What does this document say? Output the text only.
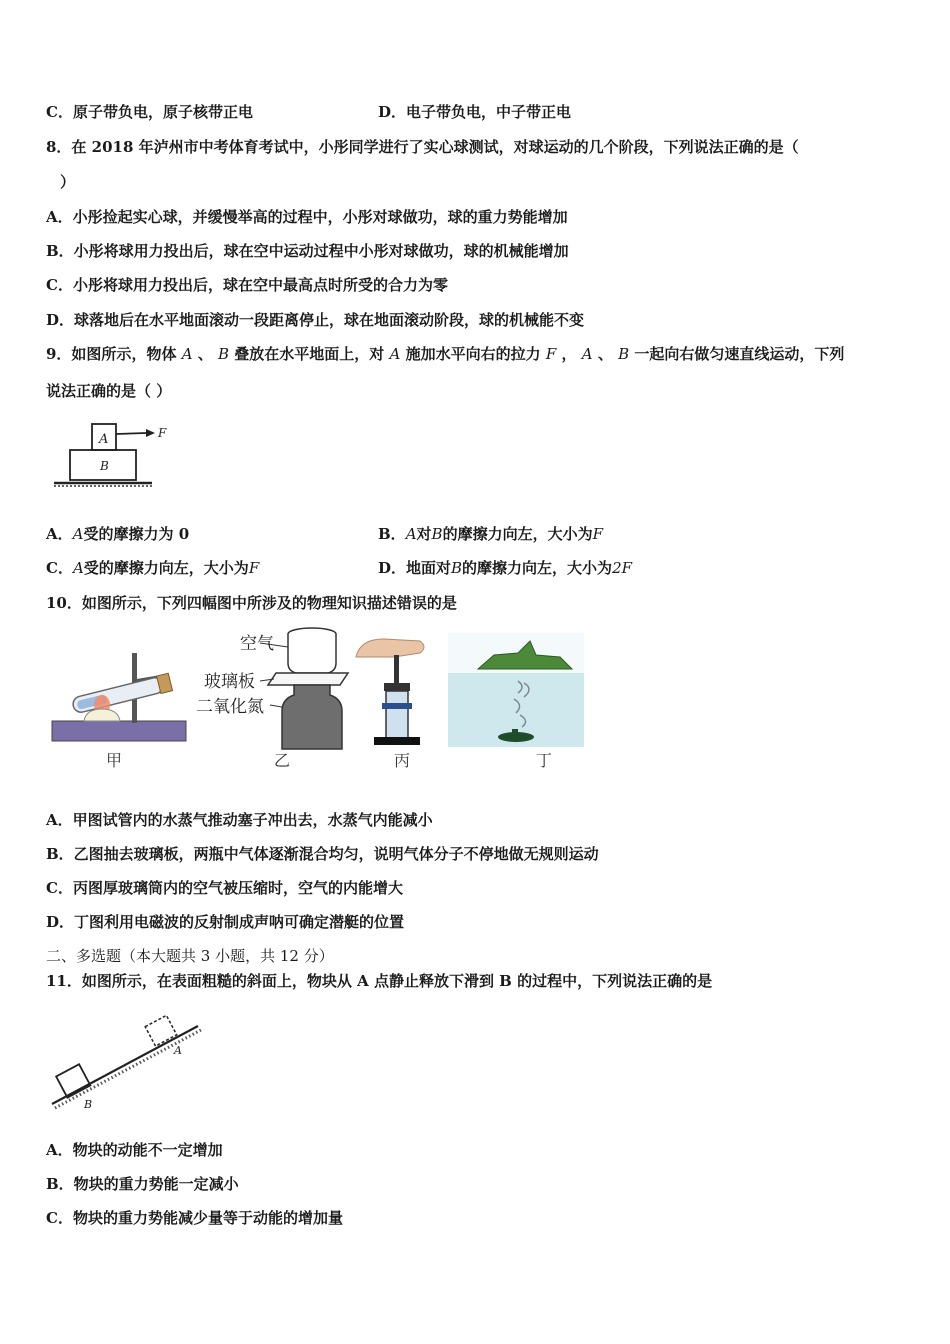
C．原子带负电，原子核带正电	D．电子带负电，中子带正电
8．在 2018 年泸州市中考体育考试中，小彤同学进行了实心球测试，对球运动的几个阶段，下列说法正确的是（
）
A．小彤捡起实心球，并缓慢举高的过程中，小彤对球做功，球的重力势能增加
B．小彤将球用力投出后，球在空中运动过程中小彤对球做功，球的机械能增加
C．小彤将球用力投出后，球在空中最高点时所受的合力为零
D．球落地后在水平地面滚动一段距离停止，球在地面滚动阶段，球的机械能不变
9．如图所示，物体 A 、 B 叠放在水平地面上，对 A 施加水平向右的拉力 F ， A 、 B 一起向右做匀速直线运动，下列
说法正确的是（ ）
A	F
B
A．A受的摩擦力为 0	B．A对B的摩擦力向左，大小为F
C．A受的摩擦力向左，大小为F	D．地面对B的摩擦力向左，大小为2F
10．如图所示，下列四幅图中所涉及的物理知识描述错误的是
甲
空气
玻璃板
二氧化氮
乙	丙	丁
A．甲图试管内的水蒸气推动塞子冲出去，水蒸气内能减小
B．乙图抽去玻璃板，两瓶中气体逐渐混合均匀，说明气体分子不停地做无规则运动
C．丙图厚玻璃筒内的空气被压缩时，空气的内能增大
D．丁图利用电磁波的反射制成声呐可确定潜艇的位置
二、多选题（本大题共 3 小题，共 12 分）
11．如图所示，在表面粗糙的斜面上，物块从 A 点静止释放下滑到 B 的过程中，下列说法正确的是
A
B
A．物块的动能不一定增加
B．物块的重力势能一定减小
C．物块的重力势能减少量等于动能的增加量
